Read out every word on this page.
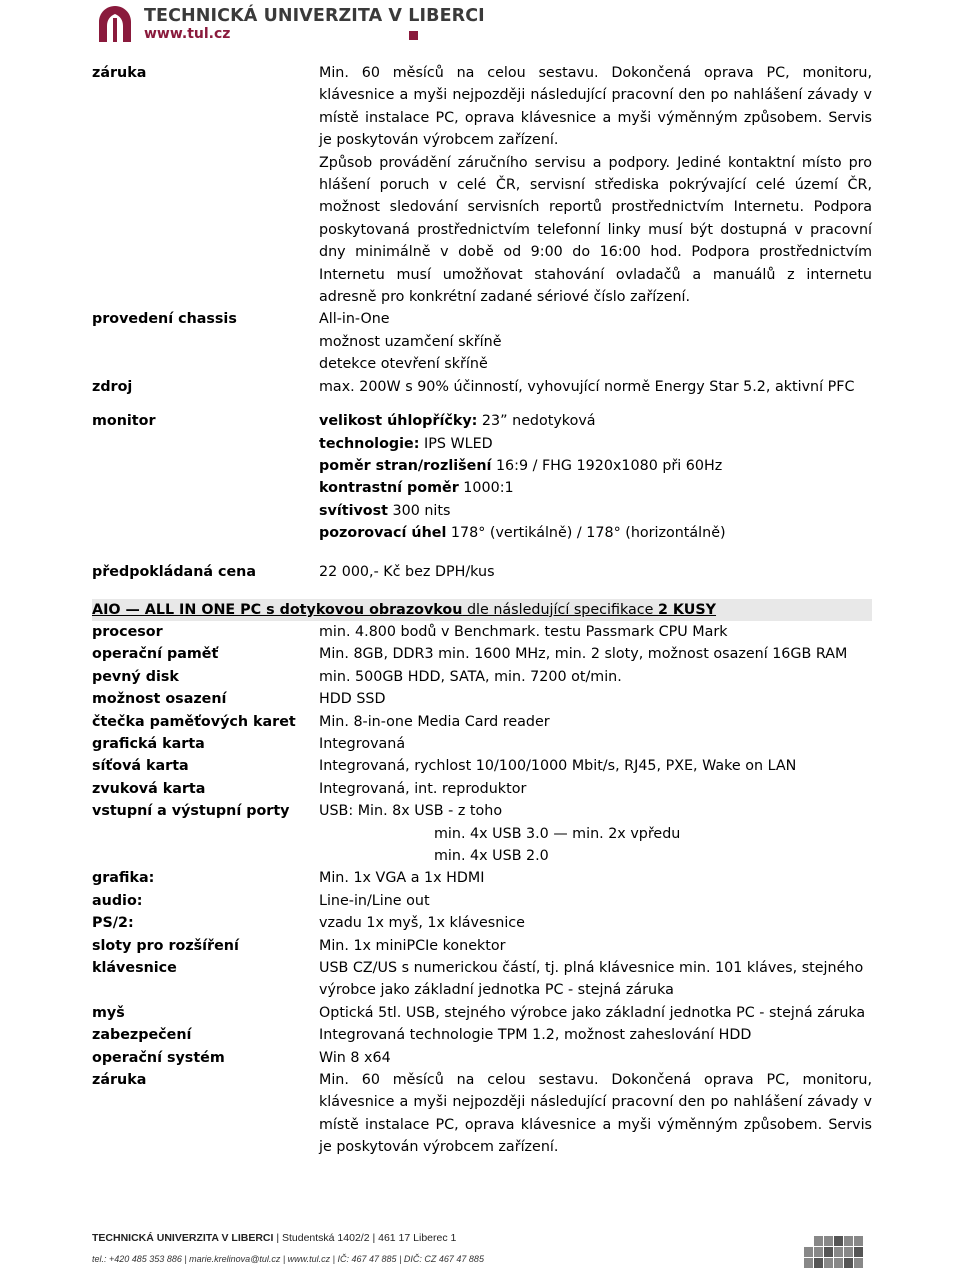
TECHNICKÁ UNIVERZITA V LIBERCI
www.tul.cz
záruka	Min. 60 měsíců na celou sestavu. Dokončená oprava PC, monitoru, klávesnice a myši nejpozději následující pracovní den po nahlášení závady v místě instalace PC, oprava klávesnice a myši výměnným způsobem. Servis je poskytován výrobcem zařízení.

Způsob provádění záručního servisu a podpory. Jediné kontaktní místo pro hlášení poruch v celé ČR, servisní střediska pokrývající celé území ČR, možnost sledování servisních reportů prostřednictvím Internetu. Podpora poskytovaná prostřednictvím telefonní linky musí být dostupná v pracovní dny minimálně v době od 9:00 do 16:00 hod. Podpora prostřednictvím Internetu musí umožňovat stahování ovladačů a manuálů z internetu adresně pro konkrétní zadané sériové číslo zařízení.

provedení chassis	All-in-One

možnost uzamčení skříně

detekce otevření skříně

zdroj	max. 200W s 90% účinností, vyhovující normě Energy Star 5.2, aktivní PFC

monitor	velikost úhlopříčky: 23” nedotyková

technologie: IPS WLED

poměr stran/rozlišení 16:9 / FHG 1920x1080 při 60Hz

kontrastní poměr 1000:1

svítivost 300 nits

pozorovací úhel 178° (vertikálně) / 178° (horizontálně)

předpokládaná cena	22 000,- Kč bez DPH/kus
AIO — ALL IN ONE PC s dotykovou obrazovkou dle následující specifikace 2 KUSY
procesor	min. 4.800 bodů v Benchmark. testu Passmark CPU Mark
operační paměť	Min. 8GB, DDR3 min. 1600 MHz, min. 2 sloty, možnost osazení 16GB RAM
pevný disk	min. 500GB HDD, SATA, min. 7200 ot/min.
možnost osazení	HDD SSD
čtečka paměťových karet	Min. 8-in-one Media Card reader
grafická karta	Integrovaná
síťová karta	Integrovaná, rychlost 10/100/1000 Mbit/s, RJ45, PXE, Wake on LAN
zvuková karta	Integrovaná, int. reproduktor
vstupní a výstupní porty	USB: Min. 8x USB - z toho
min. 4x USB 3.0 — min. 2x vpředu
min. 4x USB 2.0
grafika:	Min. 1x VGA a 1x HDMI
audio:	Line-in/Line out
PS/2:	vzadu 1x myš, 1x klávesnice
sloty pro rozšíření	Min. 1x miniPCIe konektor
klávesnice	USB CZ/US s numerickou částí, tj. plná klávesnice min. 101 kláves, stejného výrobce jako základní jednotka PC - stejná záruka
myš	Optická 5tl. USB, stejného výrobce jako základní jednotka PC - stejná záruka
zabezpečení	Integrovaná technologie TPM 1.2, možnost zaheslování HDD
operační systém	Win 8 x64
záruka	Min. 60 měsíců na celou sestavu. Dokončená oprava PC, monitoru, klávesnice a myši nejpozději následující pracovní den po nahlášení závady v místě instalace PC, oprava klávesnice a myši výměnným způsobem. Servis je poskytován výrobcem zařízení.
TECHNICKÁ UNIVERZITA V LIBERCI | Studentská 1402/2 | 461 17 Liberec 1
tel.: +420 485 353 886 | marie.krelinova@tul.cz | www.tul.cz | IČ: 467 47 885 | DIČ: CZ 467 47 885
